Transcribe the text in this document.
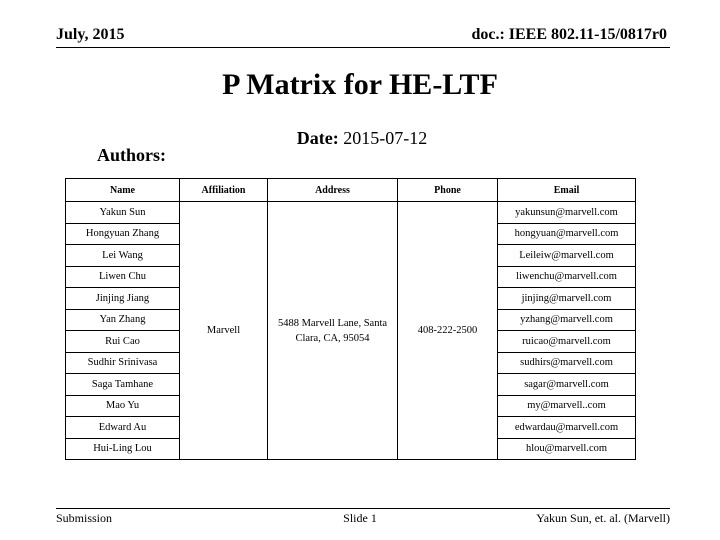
July, 2015	doc.: IEEE 802.11-15/0817r0
P Matrix for HE-LTF
Date: 2015-07-12
Authors:
Name	Affiliation	Address	Phone	Email
Yakun Sun	Marvell	5488 Marvell Lane, Santa Clara, CA, 95054	408-222-2500	yakunsun@marvell.com
Hongyuan Zhang				hongyuan@marvell.com
Lei Wang				Leileiw@marvell.com
Liwen Chu				liwenchu@marvell.com
Jinjing Jiang				jinjing@marvell.com
Yan Zhang				yzhang@marvell.com
Rui Cao				ruicao@marvell.com
Sudhir Srinivasa				sudhirs@marvell.com
Saga Tamhane				sagar@marvell.com
Mao Yu				my@marvell..com
Edward Au				edwardau@marvell.com
Hui-Ling Lou				hlou@marvell.com
Submission	Slide 1	Yakun Sun, et. al. (Marvell)
